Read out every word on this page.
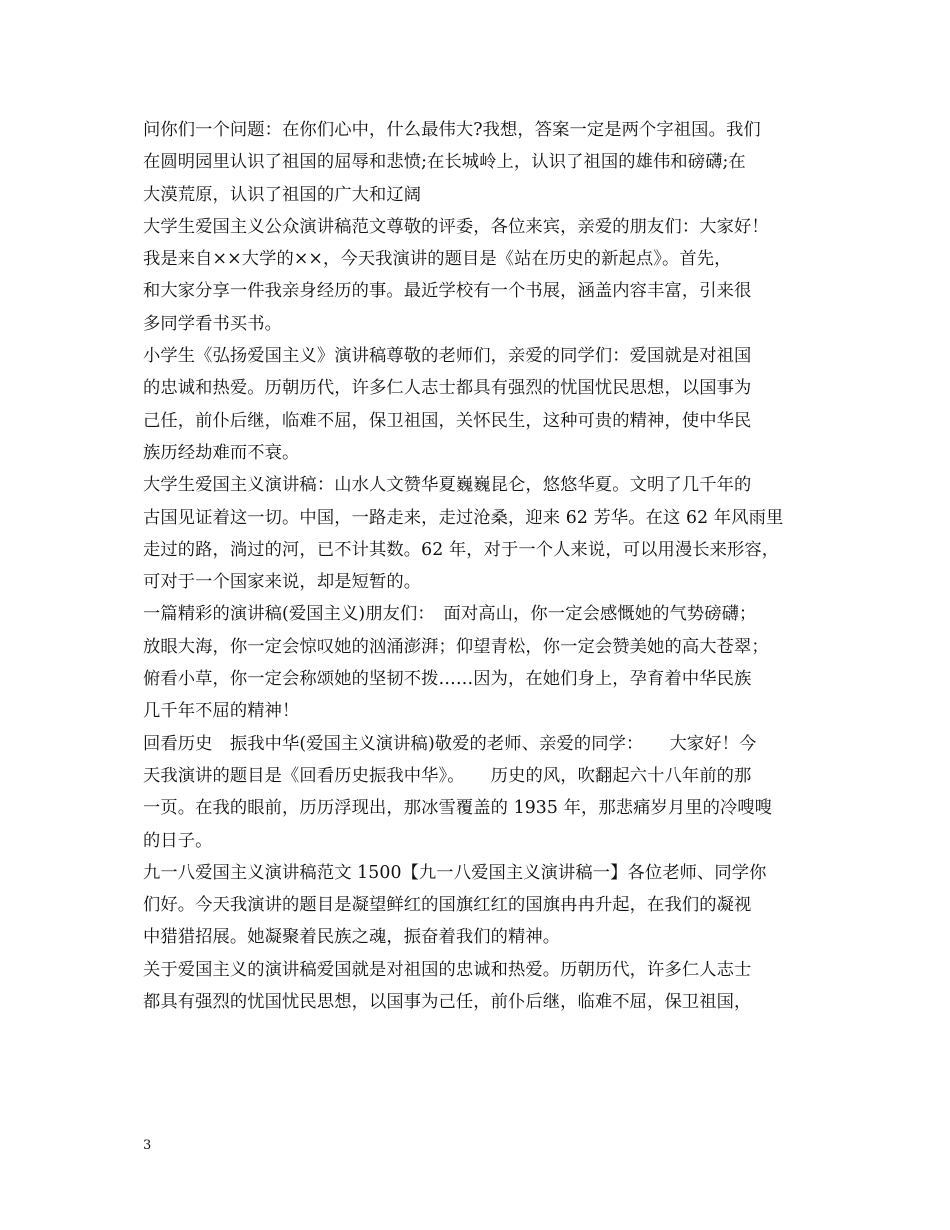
问你们一个问题：在你们心中，什么最伟大?我想，答案一定是两个字祖国。我们
在圆明园里认识了祖国的屈辱和悲愤;在长城岭上，认识了祖国的雄伟和磅礴;在
大漠荒原，认识了祖国的广大和辽阔
大学生爱国主义公众演讲稿范文尊敬的评委，各位来宾，亲爱的朋友们：大家好！
我是来自××大学的××，今天我演讲的题目是《站在历史的新起点》。首先，
和大家分享一件我亲身经历的事。最近学校有一个书展，涵盖内容丰富，引来很
多同学看书买书。
小学生《弘扬爱国主义》演讲稿尊敬的老师们，亲爱的同学们：爱国就是对祖国
的忠诚和热爱。历朝历代，许多仁人志士都具有强烈的忧国忧民思想，以国事为
己任，前仆后继，临难不屈，保卫祖国，关怀民生，这种可贵的精神，使中华民
族历经劫难而不衰。
大学生爱国主义演讲稿：山水人文赞华夏巍巍昆仑，悠悠华夏。文明了几千年的
古国见证着这一切。中国，一路走来，走过沧桑，迎来 62 芳华。在这 62 年风雨里
走过的路，淌过的河，已不计其数。62 年，对于一个人来说，可以用漫长来形容，
可对于一个国家来说，却是短暂的。
一篇精彩的演讲稿(爱国主义)朋友们：　面对高山，你一定会感慨她的气势磅礴；
放眼大海，你一定会惊叹她的汹涌澎湃；仰望青松，你一定会赞美她的高大苍翠；
俯看小草，你一定会称颂她的坚韧不拨……因为，在她们身上，孕育着中华民族
几千年不屈的精神！
回看历史　振我中华(爱国主义演讲稿)敬爱的老师、亲爱的同学：　　大家好！今
天我演讲的题目是《回看历史振我中华》。　　历史的风，吹翻起六十八年前的那
一页。在我的眼前，历历浮现出，那冰雪覆盖的 1935 年，那悲痛岁月里的冷嗖嗖
的日子。
九一八爱国主义演讲稿范文 1500【九一八爱国主义演讲稿一】各位老师、同学你
们好。今天我演讲的题目是凝望鲜红的国旗红红的国旗冉冉升起，在我们的凝视
中猎猎招展。她凝聚着民族之魂，振奋着我们的精神。
关于爱国主义的演讲稿爱国就是对祖国的忠诚和热爱。历朝历代，许多仁人志士
都具有强烈的忧国忧民思想，以国事为己任，前仆后继，临难不屈，保卫祖国，
3
